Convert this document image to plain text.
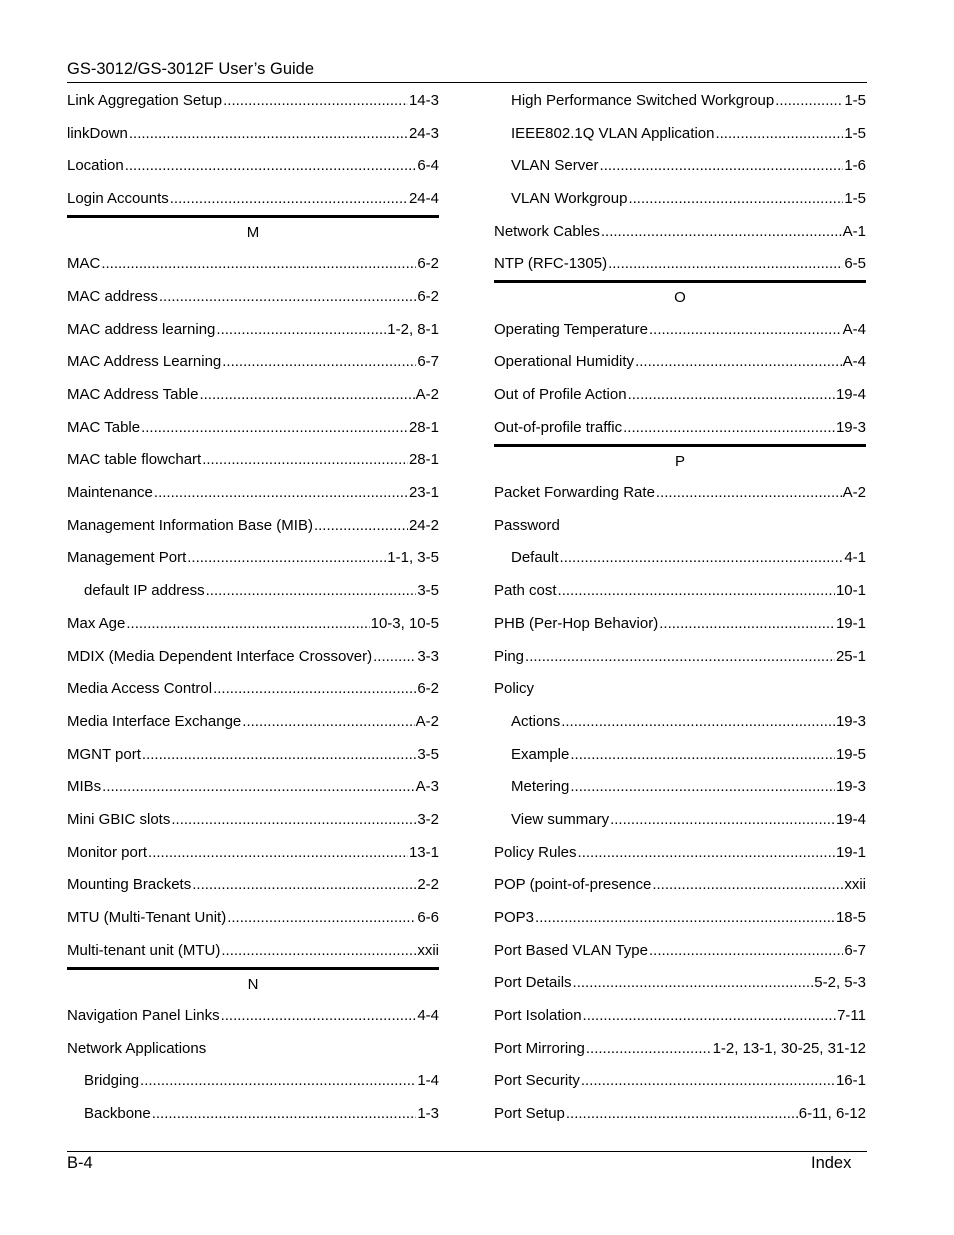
GS-3012/GS-3012F User’s Guide
Link Aggregation Setup .....	14-3
linkDown .....	24-3
Location .....	6-4
Login Accounts .....	24-4
M
MAC .....	6-2
MAC address .....	6-2
MAC address learning .....	1-2, 8-1
MAC Address Learning .....	6-7
MAC Address Table .....	A-2
MAC Table .....	28-1
MAC table flowchart .....	28-1
Maintenance .....	23-1
Management Information Base (MIB) .....	24-2
Management Port .....	1-1, 3-5
default IP address .....	3-5
Max Age .....	10-3, 10-5
MDIX (Media Dependent Interface Crossover) .....	3-3
Media Access Control .....	6-2
Media Interface Exchange .....	A-2
MGNT port .....	3-5
MIBs .....	A-3
Mini GBIC slots .....	3-2
Monitor port .....	13-1
Mounting Brackets .....	2-2
MTU (Multi-Tenant Unit) .....	6-6
Multi-tenant unit (MTU) .....	xxii
N
Navigation Panel Links .....	4-4
Network Applications
Bridging .....	1-4
Backbone .....	1-3
High Performance Switched Workgroup .....	1-5
IEEE802.1Q VLAN Application .....	1-5
VLAN Server .....	1-6
VLAN Workgroup .....	1-5
Network Cables .....	A-1
NTP (RFC-1305) .....	6-5
O
Operating Temperature .....	A-4
Operational Humidity .....	A-4
Out of Profile Action .....	19-4
Out-of-profile traffic .....	19-3
P
Packet Forwarding Rate .....	A-2
Password
Default .....	4-1
Path cost .....	10-1
PHB (Per-Hop Behavior) .....	19-1
Ping .....	25-1
Policy
Actions .....	19-3
Example .....	19-5
Metering .....	19-3
View summary .....	19-4
Policy Rules .....	19-1
POP (point-of-presence .....	xxii
POP3 .....	18-5
Port Based VLAN Type .....	6-7
Port Details .....	5-2, 5-3
Port Isolation .....	7-11
Port Mirroring .....	1-2, 13-1, 30-25, 31-12
Port Security .....	16-1
Port Setup .....	6-11, 6-12
B-4	Index
